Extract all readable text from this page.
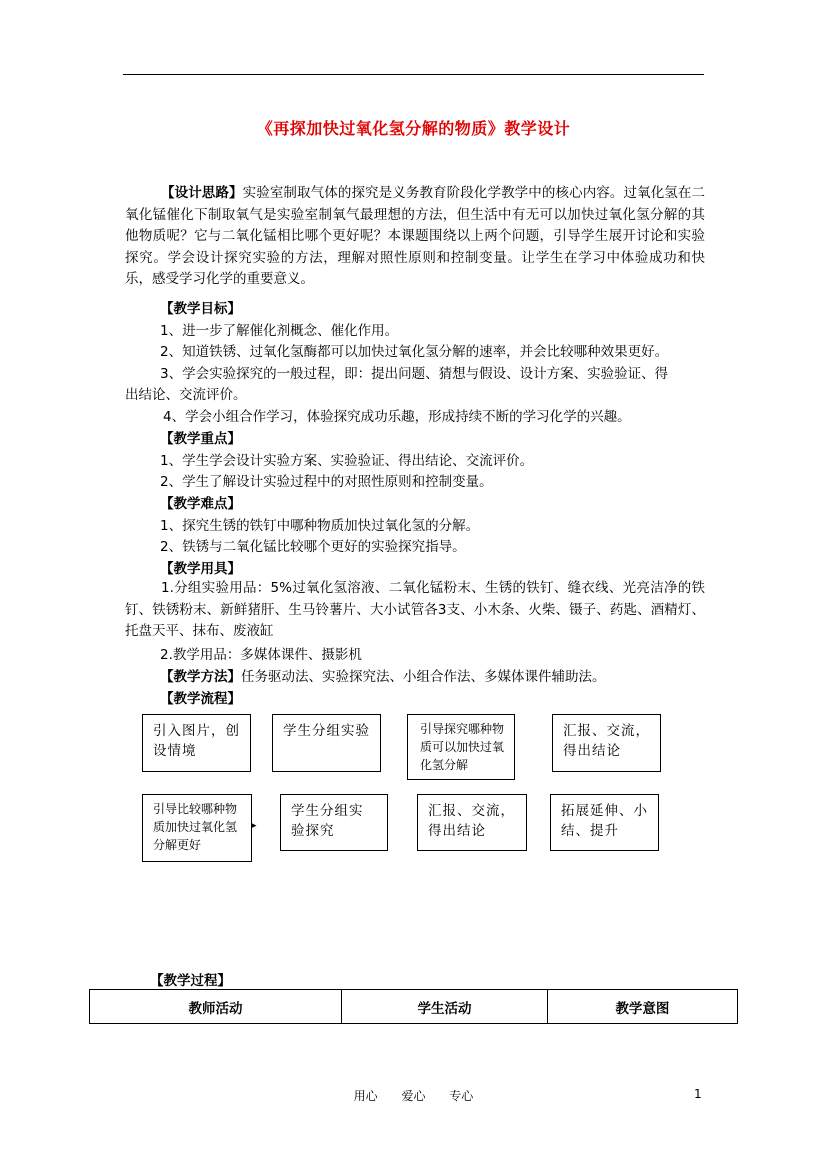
《再探加快过氧化氢分解的物质》教学设计
【设计思路】实验室制取气体的探究是义务教育阶段化学教学中的核心内容。过氧化氢在二氧化锰催化下制取氧气是实验室制氧气最理想的方法，但生活中有无可以加快过氧化氢分解的其他物质呢？它与二氧化锰相比哪个更好呢？本课题围绕以上两个问题，引导学生展开讨论和实验探究。学会设计探究实验的方法，理解对照性原则和控制变量。让学生在学习中体验成功和快乐，感受学习化学的重要意义。
【教学目标】
1、进一步了解催化剂概念、催化作用。
2、知道铁锈、过氧化氢酶都可以加快过氧化氢分解的速率，并会比较哪种效果更好。
3、学会实验探究的一般过程，即：提出问题、猜想与假设、设计方案、实验验证、得
出结论、交流评价。
4、学会小组合作学习，体验探究成功乐趣，形成持续不断的学习化学的兴趣。
【教学重点】
1、学生学会设计实验方案、实验验证、得出结论、交流评价。
2、学生了解设计实验过程中的对照性原则和控制变量。
【教学难点】
1、探究生锈的铁钉中哪种物质加快过氧化氢的分解。
2、铁锈与二氧化锰比较哪个更好的实验探究指导。
【教学用具】
1.分组实验用品：5%过氧化氢溶液、二氧化锰粉末、生锈的铁钉、缝衣线、光亮洁净的铁钉、铁锈粉末、新鲜猪肝、生马铃薯片、大小试管各3支、小木条、火柴、镊子、药匙、酒精灯、托盘天平、抹布、废液缸
2.教学用品：多媒体课件、摄影机
【教学方法】任务驱动法、实验探究法、小组合作法、多媒体课件辅助法。
【教学流程】
引入图片，创设情境
学生分组实验	引导探究哪种物质可以加快过氧化氢分解
汇报、交流，得出结论
引导比较哪种物质加快过氧化氢分解更好
▸
学生分组实验探究
汇报、交流，得出结论
拓展延伸、小结、提升
【教学过程】
教师活动	学生活动	教学意图
用心 爱心 专心	1
